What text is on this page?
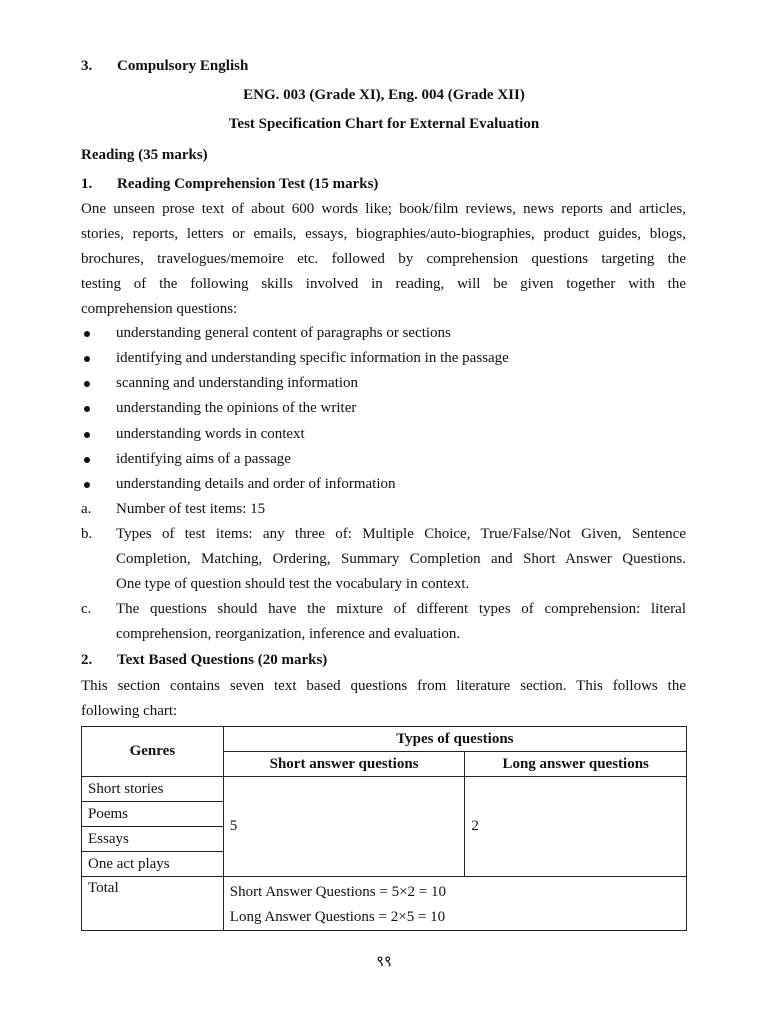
3. Compulsory English
ENG. 003 (Grade XI), Eng. 004 (Grade XII)
Test Specification Chart for External Evaluation
Reading (35 marks)
1. Reading Comprehension Test (15 marks)
One unseen prose text of about 600 words like; book/film reviews, news reports and articles,
stories, reports, letters or emails, essays, biographies/auto-biographies, product guides, blogs,
brochures, travelogues/memoire etc. followed by comprehension questions targeting the
testing of the following skills involved in reading, will be given together with the
comprehension questions:
understanding general content of paragraphs or sections
identifying and understanding specific information in the passage
scanning and understanding information
understanding the opinions of the writer
understanding words in context
identifying aims of a passage
understanding details and order of information
a. Number of test items: 15
b. Types of test items: any three of: Multiple Choice, True/False/Not Given, Sentence
Completion, Matching, Ordering, Summary Completion and Short Answer Questions.
One type of question should test the vocabulary in context.
c. The questions should have the mixture of different types of comprehension: literal
comprehension, reorganization, inference and evaluation.
2. Text Based Questions (20 marks)
This section contains seven text based questions from literature section. This follows the
following chart:
Genres	Types of questions	
	Short answer questions	Long answer questions
Short stories	5	2
Poems		
Essays		
One act plays		
Total	Short Answer Questions = 5×2 = 10
Long Answer Questions = 2×5 = 10	
९९
